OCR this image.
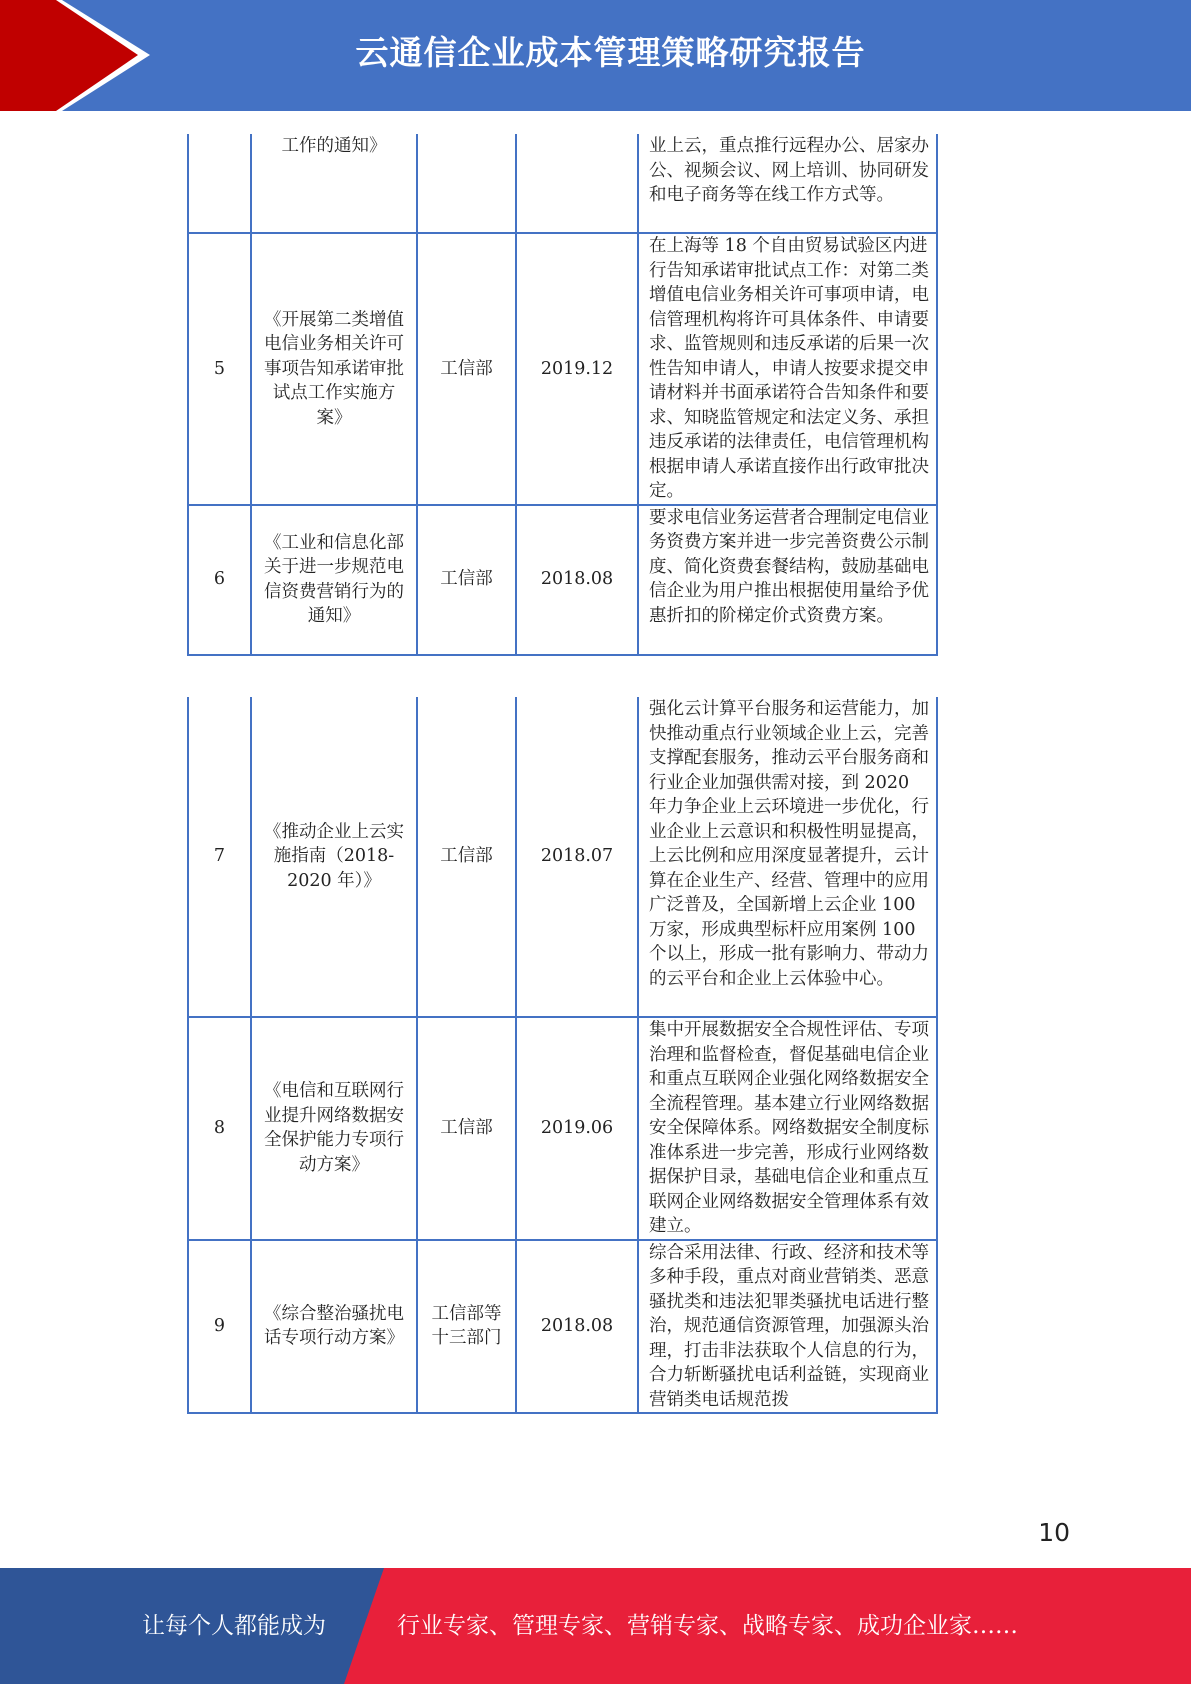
云通信企业成本管理策略研究报告
	工作的通知》			业上云，重点推行远程办公、居家办公、视频会议、网上培训、协同研发和电子商务等在线工作方式等。
5	《开展第二类增值电信业务相关许可事项告知承诺审批试点工作实施方案》	工信部	2019.12	在上海等 18 个自由贸易试验区内进行告知承诺审批试点工作：对第二类增值电信业务相关许可事项申请，电信管理机构将许可具体条件、申请要求、监管规则和违反承诺的后果一次性告知申请人，申请人按要求提交申请材料并书面承诺符合告知条件和要求、知晓监管规定和法定义务、承担违反承诺的法律责任，电信管理机构根据申请人承诺直接作出行政审批决定。
6	《工业和信息化部关于进一步规范电信资费营销行为的通知》	工信部	2018.08	要求电信业务运营者合理制定电信业务资费方案并进一步完善资费公示制度、简化资费套餐结构，鼓励基础电信企业为用户推出根据使用量给予优惠折扣的阶梯定价式资费方案。
7	《推动企业上云实施指南（2018-2020 年）》	工信部	2018.07	强化云计算平台服务和运营能力，加快推动重点行业领域企业上云，完善支撑配套服务，推动云平台服务商和行业企业加强供需对接，到 2020 年力争企业上云环境进一步优化，行业企业上云意识和积极性明显提高，上云比例和应用深度显著提升，云计算在企业生产、经营、管理中的应用广泛普及，全国新增上云企业 100 万家，形成典型标杆应用案例 100 个以上，形成一批有影响力、带动力的云平台和企业上云体验中心。
8	《电信和互联网行业提升网络数据安全保护能力专项行动方案》	工信部	2019.06	集中开展数据安全合规性评估、专项治理和监督检查，督促基础电信企业和重点互联网企业强化网络数据安全全流程管理。基本建立行业网络数据安全保障体系。网络数据安全制度标准体系进一步完善，形成行业网络数据保护目录，基础电信企业和重点互联网企业网络数据安全管理体系有效建立。
9	《综合整治骚扰电话专项行动方案》	工信部等十三部门	2018.08	综合采用法律、行政、经济和技术等多种手段，重点对商业营销类、恶意骚扰类和违法犯罪类骚扰电话进行整治，规范通信资源管理，加强源头治理，打击非法获取个人信息的行为，合力斩断骚扰电话利益链，实现商业营销类电话规范拨
10
让每个人都能成为	行业专家、管理专家、营销专家、战略专家、成功企业家……
